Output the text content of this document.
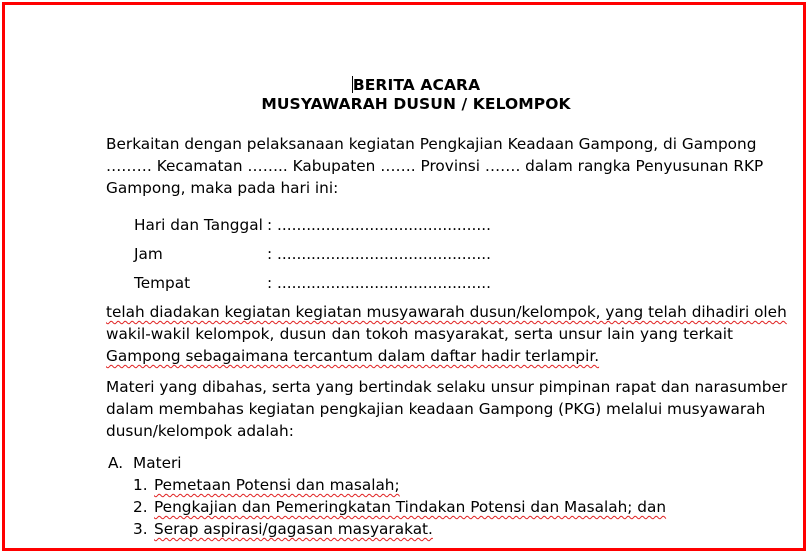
BERITA ACARA
MUSYAWARAH DUSUN / KELOMPOK
Berkaitan dengan pelaksanaan kegiatan Pengkajian Keadaan Gampong, di Gampong
……… Kecamatan …….. Kabupaten ……. Provinsi ……. dalam rangka Penyusunan RKP
Gampong, maka pada hari ini:
Hari dan Tanggal : ............................................
Jam	: ............................................
Tempat	: ............................................
telah diadakan kegiatan kegiatan musyawarah dusun/kelompok, yang telah dihadiri oleh
wakil-wakil kelompok, dusun dan tokoh masyarakat, serta unsur lain yang terkait
Gampong sebagaimana tercantum dalam daftar hadir terlampir.
Materi yang dibahas, serta yang bertindak selaku unsur pimpinan rapat dan narasumber
dalam membahas kegiatan pengkajian keadaan Gampong (PKG) melalui musyawarah
dusun/kelompok adalah:
A. Materi
1. Pemetaan Potensi dan masalah;
2. Pengkajian dan Pemeringkatan Tindakan Potensi dan Masalah; dan
3. Serap aspirasi/gagasan masyarakat.
